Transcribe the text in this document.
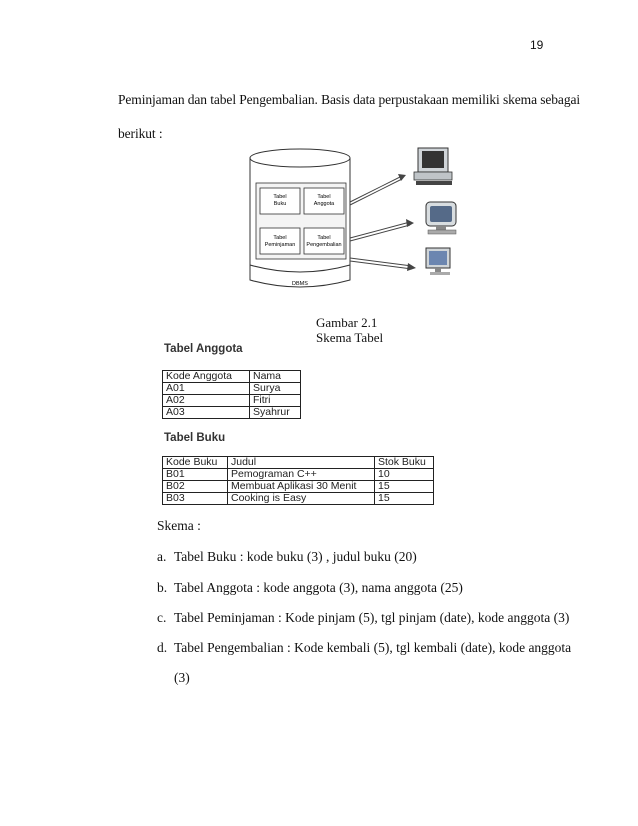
19
Peminjaman dan tabel Pengembalian. Basis data perpustakaan memiliki skema sebagai
berikut :
Tabel
Buku
Tabel
Anggota
Tabel
Peminjaman
Tabel
Pengembalian
DBMS
Gambar 2.1
Skema Tabel
Tabel Anggota
Kode Anggota	Nama
A01	Surya
A02	Fitri
A03	Syahrur
Tabel Buku
Kode Buku	Judul	Stok Buku
B01	Pemograman C++	10
B02	Membuat Aplikasi 30 Menit	15
B03	Cooking is Easy	15
Skema :
a. Tabel Buku : kode buku (3) , judul buku (20)
b. Tabel Anggota : kode anggota (3), nama anggota (25)
c. Tabel Peminjaman : Kode pinjam (5), tgl pinjam (date), kode anggota (3)
d. Tabel Pengembalian : Kode kembali (5), tgl kembali (date), kode anggota
(3)
